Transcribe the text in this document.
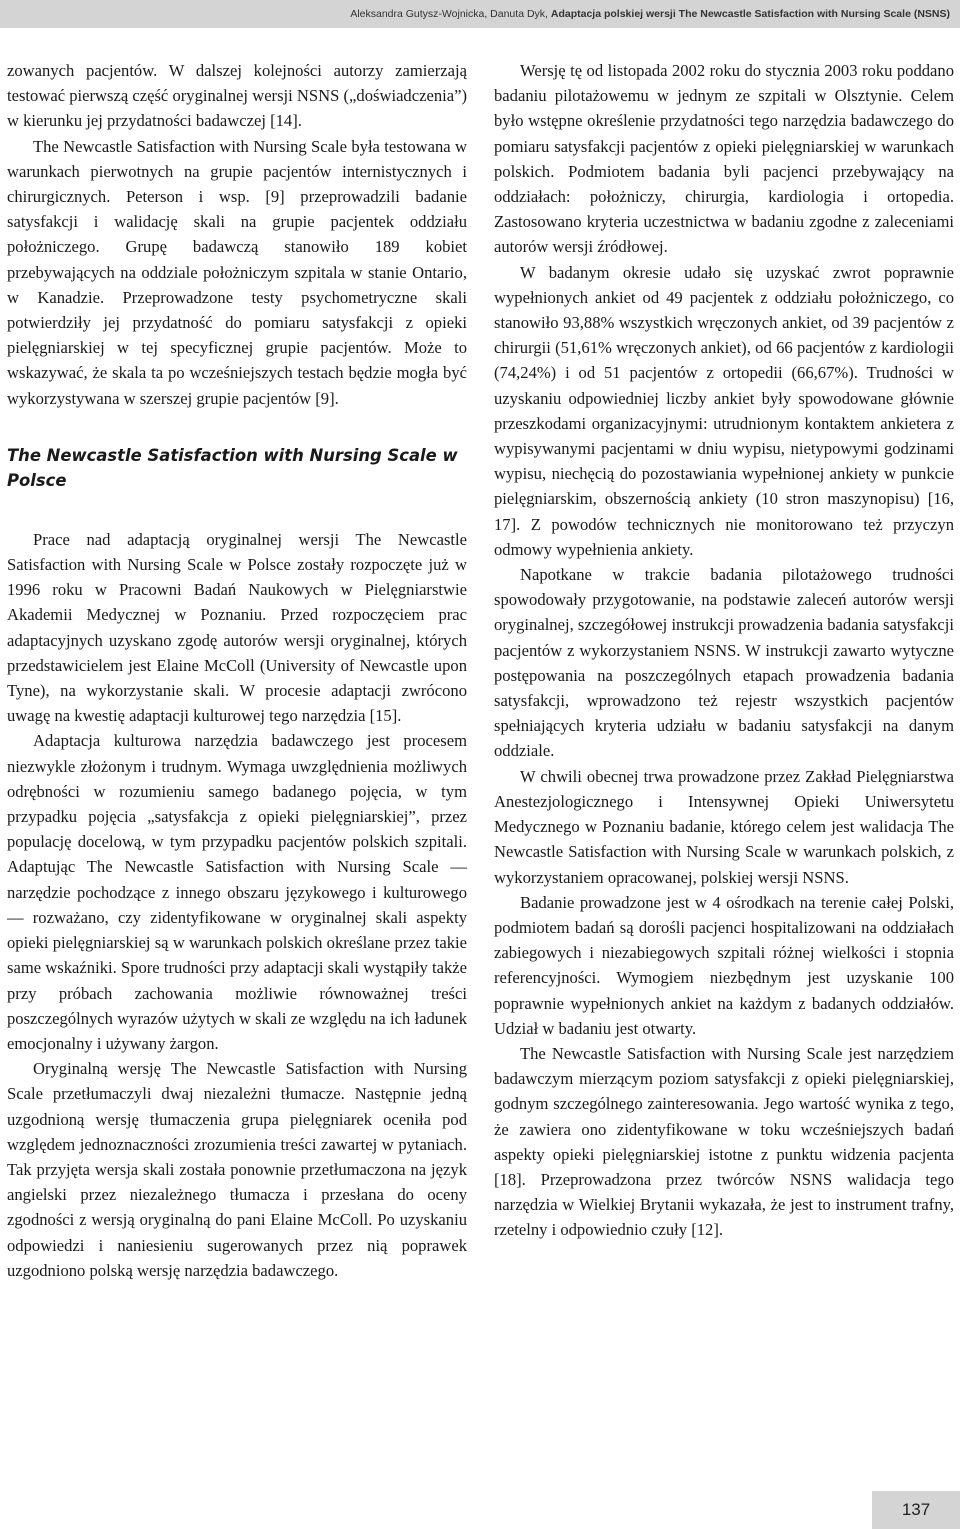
Aleksandra Gutysz-Wojnicka, Danuta Dyk, Adaptacja polskiej wersji The Newcastle Satisfaction with Nursing Scale (NSNS)

zowanych pacjentów. W dalszej kolejności autorzy zamierzają testować pierwszą część oryginalnej wersji NSNS („doświadczenia”) w kierunku jej przydatności badawczej [14].

The Newcastle Satisfaction with Nursing Scale była testowana w warunkach pierwotnych na grupie pacjentów internistycznych i chirurgicznych. Peterson i wsp. [9] przeprowadzili badanie satysfakcji i walidację skali na grupie pacjentek oddziału położniczego. Grupę badawczą stanowiło 189 kobiet przebywających na oddziale położniczym szpitala w stanie Ontario, w Kanadzie. Przeprowadzone testy psychometryczne skali potwierdziły jej przydatność do pomiaru satysfakcji z opieki pielęgniarskiej w tej specyficznej grupie pacjentów. Może to wskazywać, że skala ta po wcześniejszych testach będzie mogła być wykorzystywana w szerszej grupie pacjentów [9].

The Newcastle Satisfaction with Nursing Scale w Polsce

Prace nad adaptacją oryginalnej wersji The Newcastle Satisfaction with Nursing Scale w Polsce zostały rozpoczęte już w 1996 roku w Pracowni Badań Naukowych w Pielęgniarstwie Akademii Medycznej w Poznaniu. Przed rozpoczęciem prac adaptacyjnych uzyskano zgodę autorów wersji oryginalnej, których przedstawicielem jest Elaine McColl (University of Newcastle upon Tyne), na wykorzystanie skali. W procesie adaptacji zwrócono uwagę na kwestię adaptacji kulturowej tego narzędzia [15].

Adaptacja kulturowa narzędzia badawczego jest procesem niezwykle złożonym i trudnym. Wymaga uwzględnienia możliwych odrębności w rozumieniu samego badanego pojęcia, w tym przypadku pojęcia „satysfakcja z opieki pielęgniarskiej”, przez populację docelową, w tym przypadku pacjentów polskich szpitali. Adaptując The Newcastle Satisfaction with Nursing Scale — narzędzie pochodzące z innego obszaru językowego i kulturowego — rozważano, czy zidentyfikowane w oryginalnej skali aspekty opieki pielęgniarskiej są w warunkach polskich określane przez takie same wskaźniki. Spore trudności przy adaptacji skali wystąpiły także przy próbach zachowania możliwie równoważnej treści poszczególnych wyrazów użytych w skali ze względu na ich ładunek emocjonalny i używany żargon.

Oryginalną wersję The Newcastle Satisfaction with Nursing Scale przetłumaczyli dwaj niezależni tłumacze. Następnie jedną uzgodnioną wersję tłumaczenia grupa pielęgniarek oceniła pod względem jednoznaczności zrozumienia treści zawartej w pytaniach. Tak przyjęta wersja skali została ponownie przetłumaczona na język angielski przez niezależnego tłumacza i przesłana do oceny zgodności z wersją oryginalną do pani Elaine McColl. Po uzyskaniu odpowiedzi i naniesieniu sugerowanych przez nią poprawek uzgodniono polską wersję narzędzia badawczego.

Wersję tę od listopada 2002 roku do stycznia 2003 roku poddano badaniu pilotażowemu w jednym ze szpitali w Olsztynie. Celem było wstępne określenie przydatności tego narzędzia badawczego do pomiaru satysfakcji pacjentów z opieki pielęgniarskiej w warunkach polskich. Podmiotem badania byli pacjenci przebywający na oddziałach: położniczy, chirurgia, kardiologia i ortopedia. Zastosowano kryteria uczestnictwa w badaniu zgodne z zaleceniami autorów wersji źródłowej.

W badanym okresie udało się uzyskać zwrot poprawnie wypełnionych ankiet od 49 pacjentek z oddziału położniczego, co stanowiło 93,88% wszystkich wręczonych ankiet, od 39 pacjentów z chirurgii (51,61% wręczonych ankiet), od 66 pacjentów z kardiologii (74,24%) i od 51 pacjentów z ortopedii (66,67%). Trudności w uzyskaniu odpowiedniej liczby ankiet były spowodowane głównie przeszkodami organizacyjnymi: utrudnionym kontaktem ankietera z wypisywanymi pacjentami w dniu wypisu, nietypowymi godzinami wypisu, niechęcią do pozostawiania wypełnionej ankiety w punkcie pielęgniarskim, obszernością ankiety (10 stron maszynopisu) [16, 17]. Z powodów technicznych nie monitorowano też przyczyn odmowy wypełnienia ankiety.

Napotkane w trakcie badania pilotażowego trudności spowodowały przygotowanie, na podstawie zaleceń autorów wersji oryginalnej, szczegółowej instrukcji prowadzenia badania satysfakcji pacjentów z wykorzystaniem NSNS. W instrukcji zawarto wytyczne postępowania na poszczególnych etapach prowadzenia badania satysfakcji, wprowadzono też rejestr wszystkich pacjentów spełniających kryteria udziału w badaniu satysfakcji na danym oddziale.

W chwili obecnej trwa prowadzone przez Zakład Pielęgniarstwa Anestezjologicznego i Intensywnej Opieki Uniwersytetu Medycznego w Poznaniu badanie, którego celem jest walidacja The Newcastle Satisfaction with Nursing Scale w warunkach polskich, z wykorzystaniem opracowanej, polskiej wersji NSNS.

Badanie prowadzone jest w 4 ośrodkach na terenie całej Polski, podmiotem badań są dorośli pacjenci hospitalizowani na oddziałach zabiegowych i niezabiegowych szpitali różnej wielkości i stopnia referencyjności. Wymogiem niezbędnym jest uzyskanie 100 poprawnie wypełnionych ankiet na każdym z badanych oddziałów. Udział w badaniu jest otwarty.

The Newcastle Satisfaction with Nursing Scale jest narzędziem badawczym mierzącym poziom satysfakcji z opieki pielęgniarskiej, godnym szczególnego zainteresowania. Jego wartość wynika z tego, że zawiera ono zidentyfikowane w toku wcześniejszych badań aspekty opieki pielęgniarskiej istotne z punktu widzenia pacjenta [18]. Przeprowadzona przez twórców NSNS walidacja tego narzędzia w Wielkiej Brytanii wykazała, że jest to instrument trafny, rzetelny i odpowiednio czuły [12].

137
